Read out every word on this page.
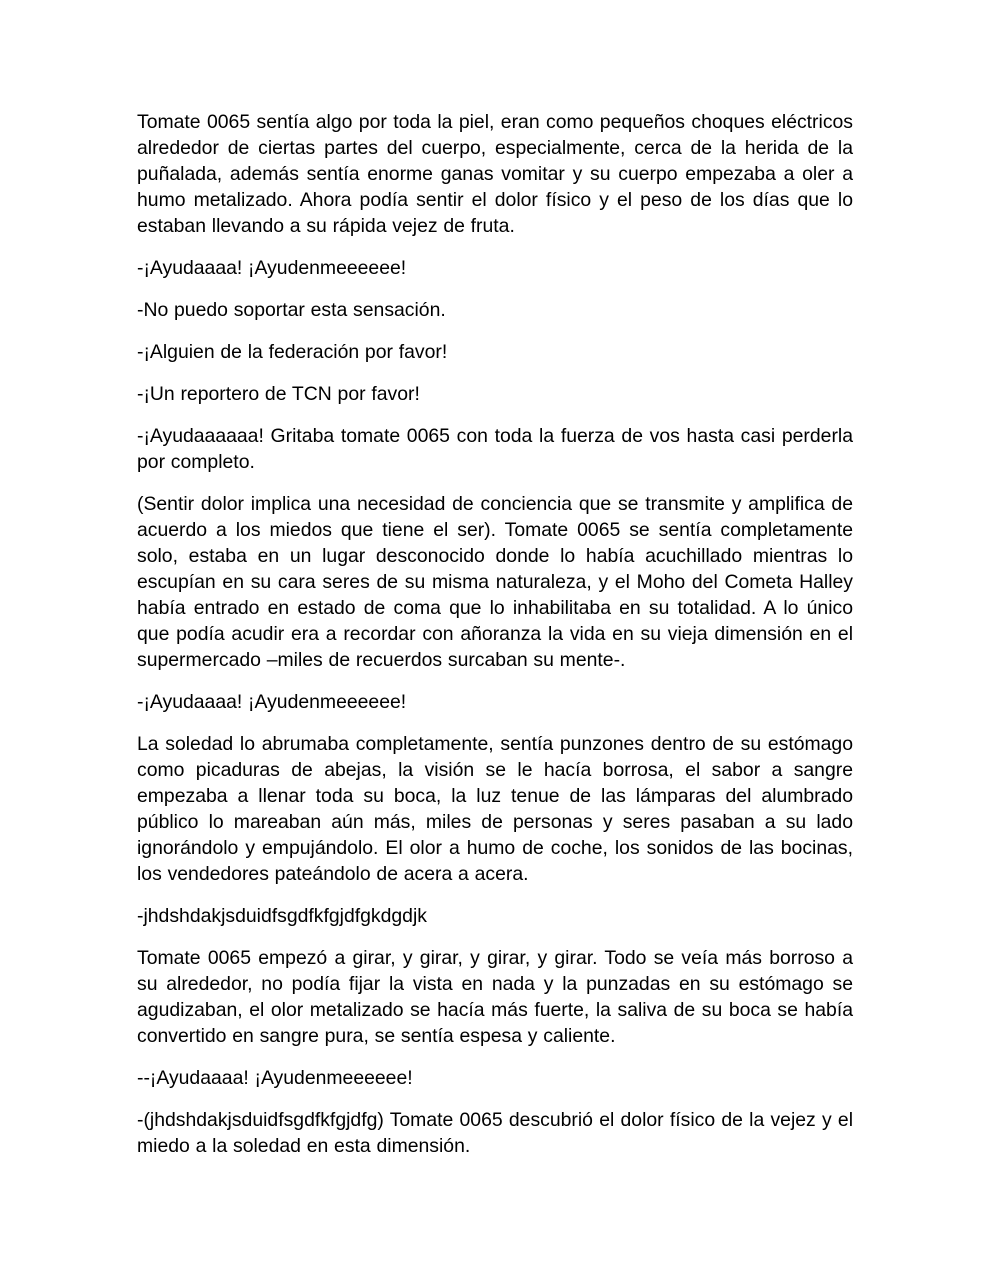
Tomate 0065 sentía algo por toda la piel, eran como pequeños choques eléctricos alrededor de ciertas partes del cuerpo, especialmente, cerca de la herida de la puñalada, además sentía enorme ganas vomitar y su cuerpo empezaba a oler a humo metalizado. Ahora podía sentir el dolor físico y el peso de los días que lo estaban llevando a su rápida vejez de fruta.

-¡Ayudaaaa! ¡Ayudenmeeeeee!

-No puedo soportar esta sensación.

-¡Alguien de la federación por favor!

-¡Un reportero de TCN por favor!

-¡Ayudaaaaaa! Gritaba tomate 0065 con toda la fuerza de vos hasta casi perderla por completo.

(Sentir dolor implica una necesidad de conciencia que se transmite y amplifica de acuerdo a los miedos que tiene el ser). Tomate 0065 se sentía completamente solo, estaba en un lugar desconocido donde lo había acuchillado mientras lo escupían en su cara seres de su misma naturaleza, y el Moho del Cometa Halley había entrado en estado de coma que lo inhabilitaba en su totalidad. A lo único que podía acudir era a recordar con añoranza la vida en su vieja dimensión en el supermercado –miles de recuerdos surcaban su mente-.

-¡Ayudaaaa! ¡Ayudenmeeeeee!

La soledad lo abrumaba completamente, sentía punzones dentro de su estómago como picaduras de abejas, la visión se le hacía borrosa, el sabor a sangre empezaba a llenar toda su boca, la luz tenue de las lámparas del alumbrado público lo mareaban aún más, miles de personas y seres pasaban a su lado ignorándolo y empujándolo. El olor a humo de coche, los sonidos de las bocinas, los vendedores pateándolo de acera a acera.

-jhdshdakjsduidfsgdfkfgjdfgkdgdjk

Tomate 0065 empezó a girar, y girar, y girar, y girar. Todo se veía más borroso a su alrededor, no podía fijar la vista en nada y la punzadas en su estómago se agudizaban, el olor metalizado se hacía más fuerte, la saliva de su boca se había convertido en sangre pura, se sentía espesa y caliente.

--¡Ayudaaaa! ¡Ayudenmeeeeee!

-(jhdshdakjsduidfsgdfkfgjdfg) Tomate 0065 descubrió el dolor físico de la vejez y el miedo a la soledad en esta dimensión.
